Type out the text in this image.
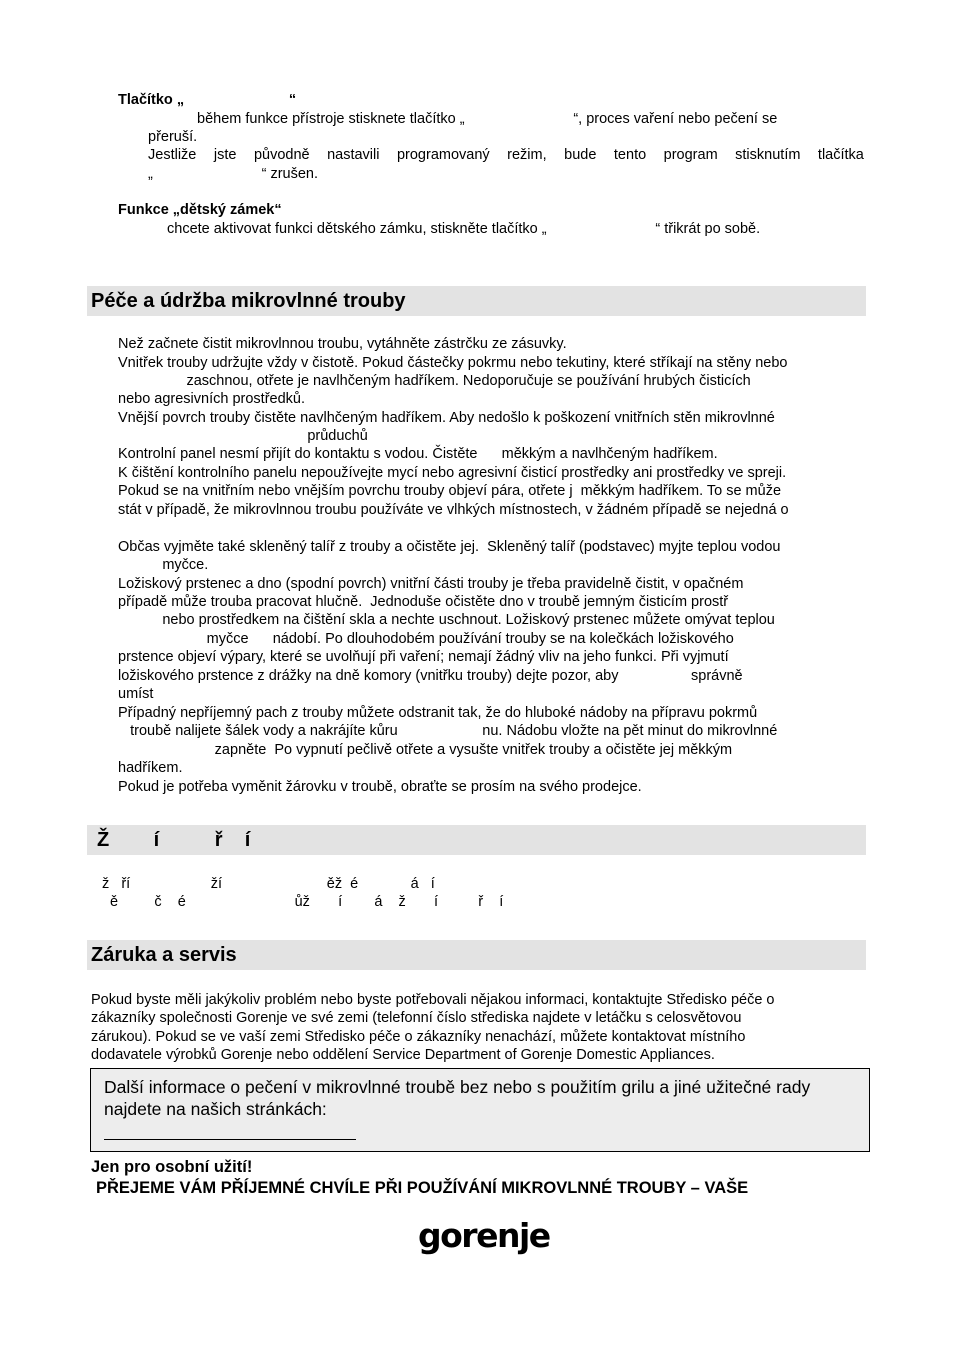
Tlačítko „                          “
během funkce přístroje stisknete tlačítko „                           “, proces vaření nebo pečení se
přeruší.
Jestliže jste původně nastavili programovaný režim, bude tento program stisknutím tlačítka
„                           “ zrušen.
Funkce „dětský zámek“
chcete aktivovat funkci dětského zámku, stiskněte tlačítko „                           “ třikrát po sobě.
Péče a údržba mikrovlnné trouby
Než začnete čistit mikrovlnnou troubu, vytáhněte zástrčku ze zásuvky.
Vnitřek trouby udržujte vždy v čistotě. Pokud částečky pokrmu nebo tekutiny, které stříkají na stěny nebo
zaschnou, otřete je navlhčeným hadříkem. Nedoporučuje se používání hrubých čisticích
nebo agresivních prostředků.
Vnější povrch trouby čistěte navlhčeným hadříkem. Aby nedošlo k poškození vnitřních stěn mikrovlnné
průduchů
Kontrolní panel nesmí přijít do kontaktu s vodou. Čistěte      měkkým a navlhčeným hadříkem.
K čištění kontrolního panelu nepoužívejte mycí nebo agresivní čisticí prostředky ani prostředky ve spreji.
Pokud se na vnitřním nebo vnějším povrchu trouby objeví pára, otřete j  měkkým hadříkem. To se může
stát v případě, že mikrovlnnou troubu používáte ve vlhkých místnostech, v žádném případě se nejedná o
Občas vyjměte také skleněný talíř z trouby a očistěte jej.  Skleněný talíř (podstavec) myjte teplou vodou
myčce.
Ložiskový prstenec a dno (spodní povrch) vnitřní části trouby je třeba pravidelně čistit, v opačném
případě může trouba pracovat hlučně.  Jednoduše očistěte dno v troubě jemným čisticím prostř
nebo prostředkem na čištění skla a nechte uschnout. Ložiskový prstenec můžete omývat teplou
myčce      nádobí. Po dlouhodobém používání trouby se na kolečkách ložiskového
prstence objeví výpary, které se uvolňují při vaření; nemají žádný vliv na jeho funkci. Při vyjmutí
ložiskového prstence z drážky na dně komory (vnitřku trouby) dejte pozor, aby                  správně
umíst
Případný nepříjemný pach z trouby můžete odstranit tak, že do hluboké nádoby na přípravu pokrmů
troubě nalijete šálek vody a nakrájíte kůru                     nu. Nádobu vložte na pět minut do mikrovlnné
zapněte  Po vypnutí pečlivě otřete a vysušte vnitřek trouby a očistěte jej měkkým
hadříkem.
Pokud je potřeba vyměnit žárovku v troubě, obraťte se prosím na svého prodejce.
Ž        í          ř    í
ž   ří                    ží                          ěž  é             á   í
ě         č    é                           ůž       í        á    ž       í          ř    í
Záruka a servis
Pokud byste měli jakýkoliv problém nebo byste potřebovali nějakou informaci, kontaktujte Středisko péče o
zákazníky společnosti Gorenje ve své zemi (telefonní číslo střediska najdete v letáčku s celosvětovou
zárukou). Pokud se ve vaší zemi Středisko péče o zákazníky nenachází, můžete kontaktovat místního
dodavatele výrobků Gorenje nebo oddělení Service Department of Gorenje Domestic Appliances.
Další informace o pečení v mikrovlnné troubě bez nebo s použitím grilu a jiné užitečné rady najdete na našich stránkách:
Jen pro osobní užití!
PŘEJEME VÁM PŘÍJEMNÉ CHVÍLE PŘI POUŽÍVÁNÍ MIKROVLNNÉ TROUBY – VAŠE
gorenje
